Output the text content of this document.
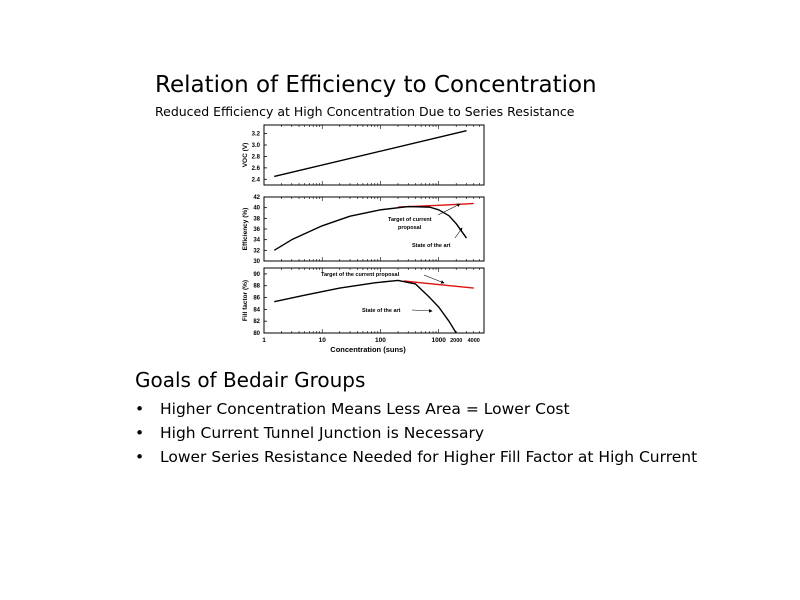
Relation of Efficiency to Concentration
Reduced Efficiency at High Concentration Due to Series Resistance
2.4
2.6
2.8
3.0
3.2
VOC (V)
30
32
34
36
38
40
42
Efficiency (%)	Target of current
proposal
State of the art
80
82
84
86
88
90
Fill factor (%)
1	10	100	1000 2000 4000
Concentration (suns)
Target of the current proposal
State of the art
Goals of Bedair Groups
• Higher Concentration Means Less Area = Lower Cost
• High Current Tunnel Junction is Necessary
• Lower Series Resistance Needed for Higher Fill Factor at High Current
